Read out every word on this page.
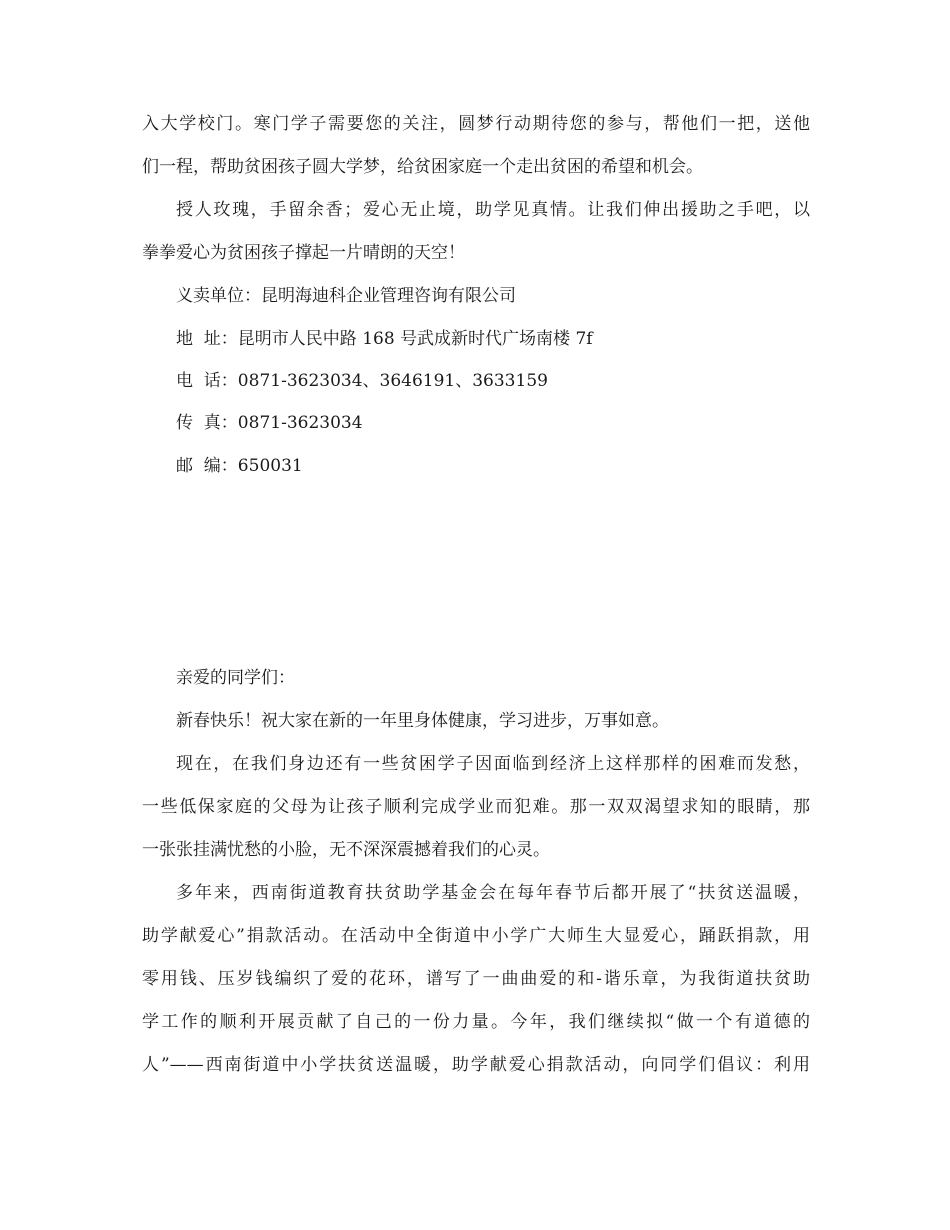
入大学校门。寒门学子需要您的关注，圆梦行动期待您的参与，帮他们一把，送他
们一程，帮助贫困孩子圆大学梦，给贫困家庭一个走出贫困的希望和机会。
授人玫瑰，手留余香；爱心无止境，助学见真情。让我们伸出援助之手吧，以
拳拳爱心为贫困孩子撑起一片晴朗的天空！
义卖单位：昆明海迪科企业管理咨询有限公司
地  址：昆明市人民中路 168 号武成新时代广场南楼 7f
电  话：0871-3623034、3646191、3633159
传  真：0871-3623034
邮  编：650031
亲爱的同学们：
新春快乐！祝大家在新的一年里身体健康，学习进步，万事如意。
现在，在我们身边还有一些贫困学子因面临到经济上这样那样的困难而发愁，
一些低保家庭的父母为让孩子顺利完成学业而犯难。那一双双渴望求知的眼睛，那
一张张挂满忧愁的小脸，无不深深震撼着我们的心灵。
多年来，西南街道教育扶贫助学基金会在每年春节后都开展了“扶贫送温暖，
助学献爱心”捐款活动。在活动中全街道中小学广大师生大显爱心，踊跃捐款，用
零用钱、压岁钱编织了爱的花环，谱写了一曲曲爱的和-谐乐章，为我街道扶贫助
学工作的顺利开展贡献了自己的一份力量。今年，我们继续拟“做一个有道德的
人”——西南街道中小学扶贫送温暖，助学献爱心捐款活动，向同学们倡议：利用
